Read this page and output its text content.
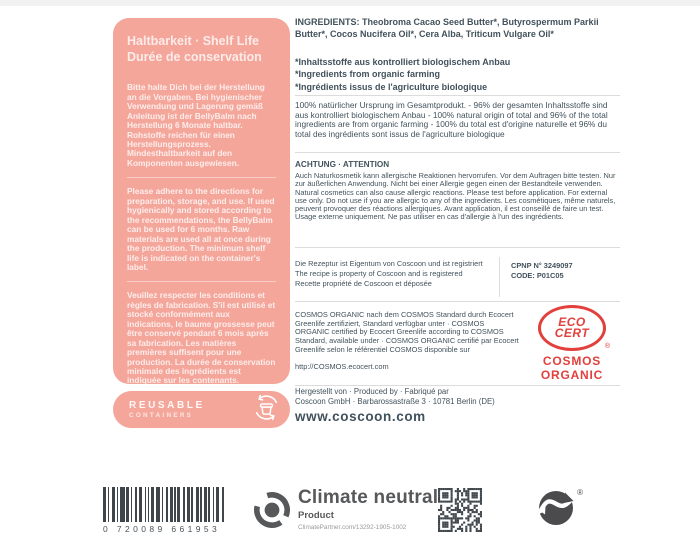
Haltbarkeit · Shelf Life
Durée de conservation

Bitte halte Dich bei der Herstellung an die Vorgaben. Bei hygienischer Verwendung und Lagerung gemäß Anleitung ist der BellyBalm nach Herstellung 6 Monate haltbar. Rohstoffe reichen für einen Herstellungsprozess. Mindesthaltbarkeit auf den Komponenten ausgewiesen.

Please adhere to the directions for preparation, storage, and use. If used hygienically and stored according to the recommendations, the BellyBalm can be used for 6 months. Raw materials are used all at once during the production. The minimum shelf life is indicated on the container's label.

Veuillez respecter les conditions et règles de fabrication. S'il est utilisé et stocké conformément aux indications, le baume grossesse peut être conservé pendant 6 mois après sa fabrication. Les matières premières suffisent pour une production. La durée de conservation minimale des ingrédients est indiquée sur les contenants.

REUSABLE
CONTAINERS
INGREDIENTS: Theobroma Cacao Seed Butter*, Butyrospermum Parkii Butter*, Cocos Nucifera Oil*, Cera Alba, Triticum Vulgare Oil*
*Inhaltsstoffe aus kontrolliert biologischem Anbau
*Ingredients from organic farming
*Ingrédients issus de l'agriculture biologique
100% natürlicher Ursprung im Gesamtprodukt. - 96% der gesamten Inhaltsstoffe sind aus kontrolliert biologischem Anbau - 100% natural origin of total and 96% of the total ingredients are from organic farming - 100% du total est d'origine naturelle et 96% du total des ingrédients sont issus de l'agriculture biologique
ACHTUNG · ATTENTION
Auch Naturkosmetik kann allergische Reaktionen hervorrufen. Vor dem Auftragen bitte testen. Nur zur äußerlichen Anwendung. Nicht bei einer Allergie gegen einen der Bestandteile verwenden. Natural cosmetics can also cause allergic reactions. Please test before application. For external use only. Do not use if you are allergic to any of the ingredients. Les cosmétiques, même naturels, peuvent provoquer des réactions allergiques. Avant application, il est conseillé de faire un test. Usage externe uniquement. Ne pas utiliser en cas d'allergie à l'un des ingrédients.
Die Rezeptur ist Eigentum von Coscoon und ist registriert
The recipe is property of Coscoon and is registered
Recette propriété de Coscoon et déposée
CPNP N° 3249097
CODE: P01C05
COSMOS ORGANIC nach dem COSMOS Standard durch Ecocert Greenlife zertifiziert, Standard verfügbar unter · COSMOS ORGANIC certified by Ecocert Greenlife according to COSMOS Standard, available under · COSMOS ORGANIC certifié par Ecocert Greenlife selon le référentiel COSMOS disponible sur
http://COSMOS.ecocert.com
ECO
CERT
®
COSMOS
ORGANIC
Hergestellt von · Produced by · Fabriqué par
Coscoon GmbH · Barbarossastraße 3 · 10781 Berlin (DE)
www.coscoon.com
0 720089 661953
Climate neutral
Product
ClimatePartner.com/13292-1905-1002
®
